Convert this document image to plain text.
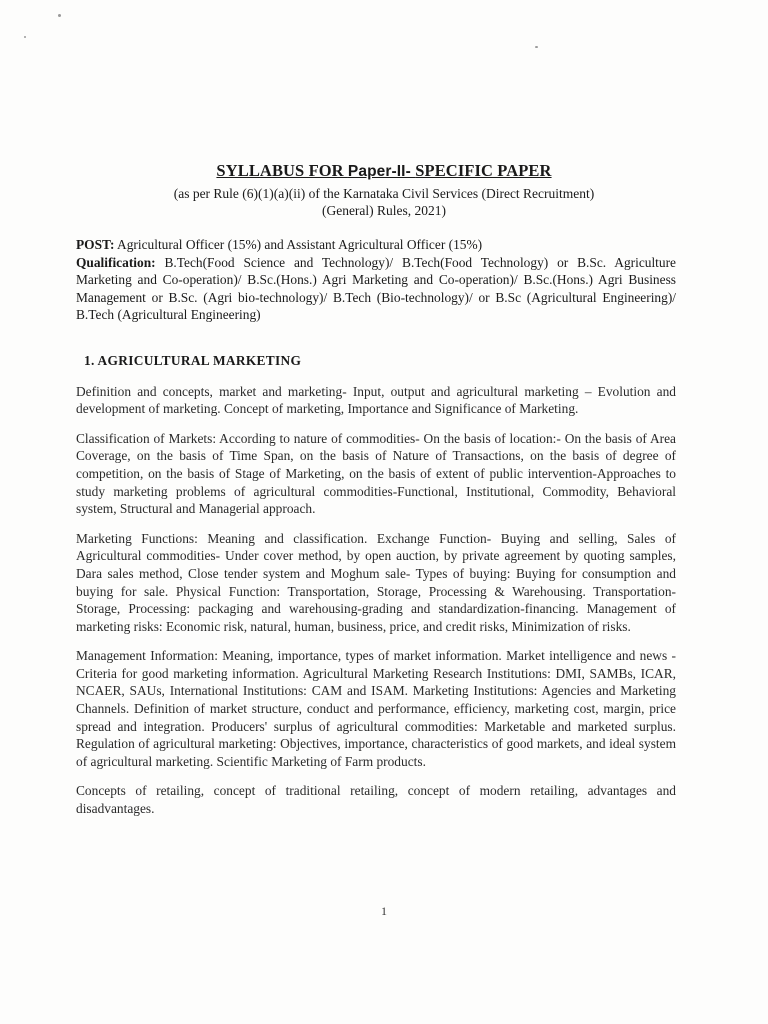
SYLLABUS FOR Paper-II- SPECIFIC PAPER

(as per Rule (6)(1)(a)(ii) of the Karnataka Civil Services (Direct Recruitment)

(General) Rules, 2021)

POST: Agricultural Officer (15%) and Assistant Agricultural Officer (15%)

Qualification: B.Tech(Food Science and Technology)/ B.Tech(Food Technology) or B.Sc. Agriculture Marketing and Co-operation)/ B.Sc.(Hons.) Agri Marketing and Co-operation)/ B.Sc.(Hons.) Agri Business Management or B.Sc. (Agri bio-technology)/ B.Tech (Bio-technology)/ or B.Sc (Agricultural Engineering)/ B.Tech (Agricultural Engineering)

1. AGRICULTURAL MARKETING

Definition and concepts, market and marketing- Input, output and agricultural marketing – Evolution and development of marketing. Concept of marketing, Importance and Significance of Marketing.

Classification of Markets: According to nature of commodities- On the basis of location:- On the basis of Area Coverage, on the basis of Time Span, on the basis of Nature of Transactions, on the basis of degree of competition, on the basis of Stage of Marketing, on the basis of extent of public intervention-Approaches to study marketing problems of agricultural commodities-Functional, Institutional, Commodity, Behavioral system, Structural and Managerial approach.

Marketing Functions: Meaning and classification. Exchange Function- Buying and selling, Sales of Agricultural commodities- Under cover method, by open auction, by private agreement by quoting samples, Dara sales method, Close tender system and Moghum sale- Types of buying: Buying for consumption and buying for sale. Physical Function: Transportation, Storage, Processing & Warehousing. Transportation- Storage, Processing: packaging and warehousing-grading and standardization-financing. Management of marketing risks: Economic risk, natural, human, business, price, and credit risks, Minimization of risks.

Management Information: Meaning, importance, types of market information. Market intelligence and news - Criteria for good marketing information. Agricultural Marketing Research Institutions: DMI, SAMBs, ICAR, NCAER, SAUs, International Institutions: CAM and ISAM. Marketing Institutions: Agencies and Marketing Channels. Definition of market structure, conduct and performance, efficiency, marketing cost, margin, price spread and integration. Producers' surplus of agricultural commodities: Marketable and marketed surplus. Regulation of agricultural marketing: Objectives, importance, characteristics of good markets, and ideal system of agricultural marketing. Scientific Marketing of Farm products.

Concepts of retailing, concept of traditional retailing, concept of modern retailing, advantages and disadvantages.

1
